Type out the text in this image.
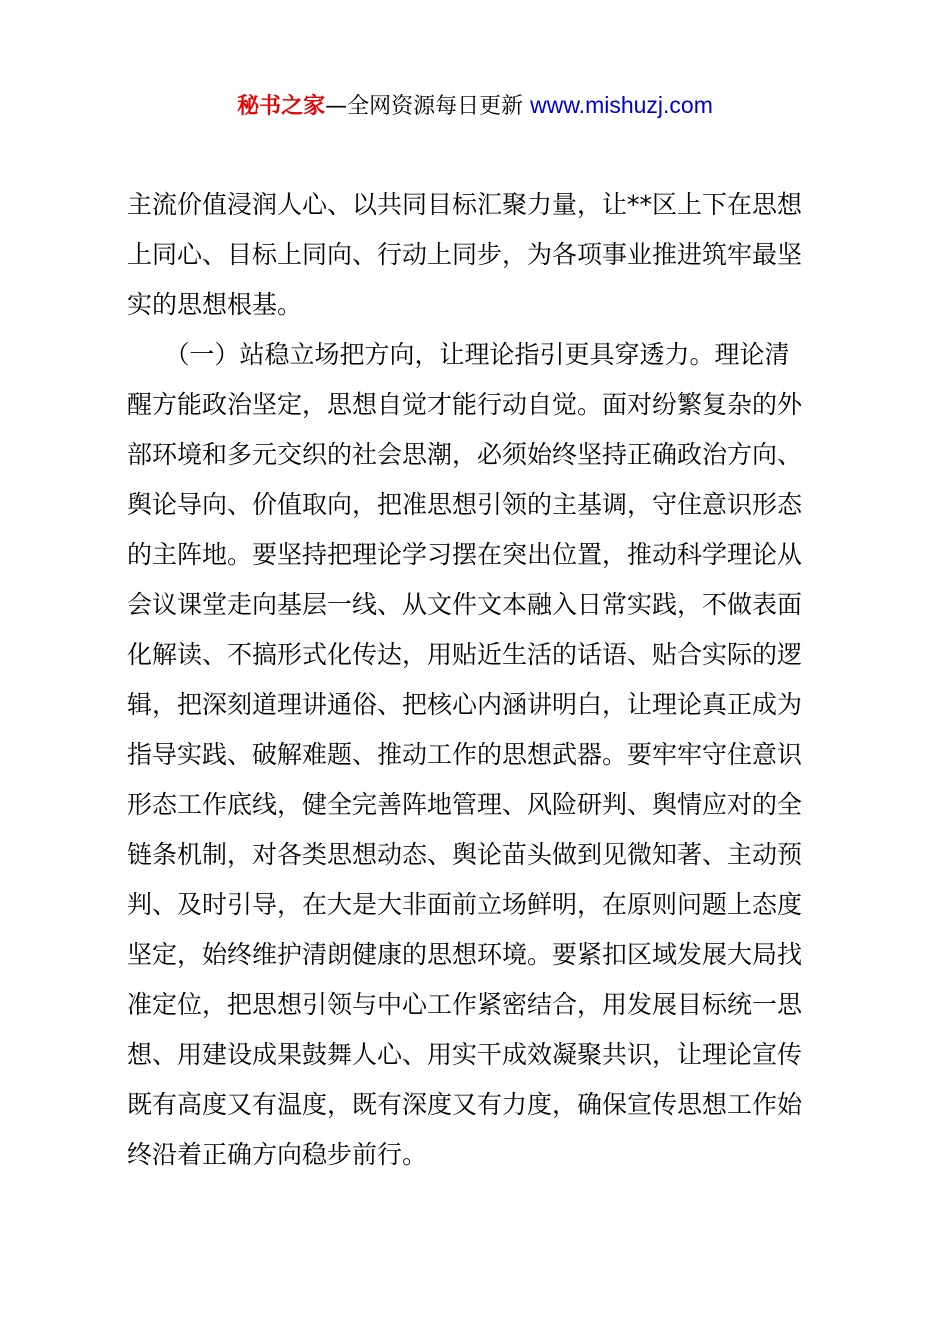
秘书之家—全网资源每日更新 www.mishuzj.com
主流价值浸润人心、以共同目标汇聚力量，让**区上下在思想
上同心、目标上同向、行动上同步，为各项事业推进筑牢最坚
实的思想根基。
　　（一）站稳立场把方向，让理论指引更具穿透力。理论清
醒方能政治坚定，思想自觉才能行动自觉。面对纷繁复杂的外
部环境和多元交织的社会思潮，必须始终坚持正确政治方向、
舆论导向、价值取向，把准思想引领的主基调，守住意识形态
的主阵地。要坚持把理论学习摆在突出位置，推动科学理论从
会议课堂走向基层一线、从文件文本融入日常实践，不做表面
化解读、不搞形式化传达，用贴近生活的话语、贴合实际的逻
辑，把深刻道理讲通俗、把核心内涵讲明白，让理论真正成为
指导实践、破解难题、推动工作的思想武器。要牢牢守住意识
形态工作底线，健全完善阵地管理、风险研判、舆情应对的全
链条机制，对各类思想动态、舆论苗头做到见微知著、主动预
判、及时引导，在大是大非面前立场鲜明，在原则问题上态度
坚定，始终维护清朗健康的思想环境。要紧扣区域发展大局找
准定位，把思想引领与中心工作紧密结合，用发展目标统一思
想、用建设成果鼓舞人心、用实干成效凝聚共识，让理论宣传
既有高度又有温度，既有深度又有力度，确保宣传思想工作始
终沿着正确方向稳步前行。
